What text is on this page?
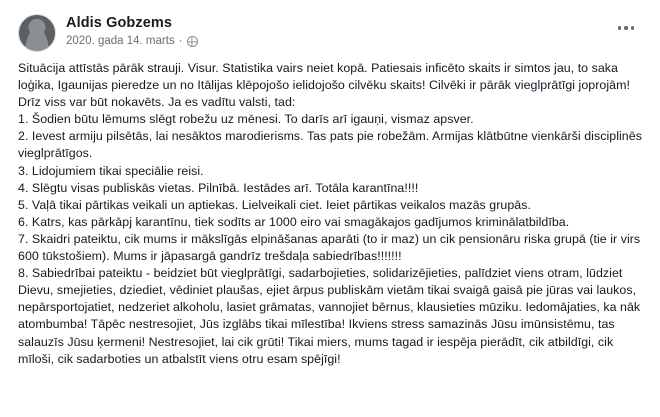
Aldis Gobzems
2020. gada 14. marts ·

Situācija attīstās pārāk strauji. Visur. Statistika vairs neiet kopā. Patiesais inficēto skaits ir simtos jau, to saka loģika, Igaunijas pieredze un no Itālijas klēpojošo ielidojošo cilvēku skaits! Cilvēki ir pārāk vieglprātīgi joprojām! Drīz viss var būt nokavēts. Ja es vadītu valsti, tad:

1. Šodien būtu lēmums slēgt robežu uz mēnesi. To darīs arī igauņi, vismaz apsver.

2. Ievest armiju pilsētās, lai nesāktos marodierisms. Tas pats pie robežām. Armijas klātbūtne vienkārši disciplinēs vieglprātīgos.

3. Lidojumiem tikai speciālie reisi.

4. Slēgtu visas publiskās vietas. Pilnībā. Iestādes arī. Totāla karantīna!!!!

5. Vaļā tikai pārtikas veikali un aptiekas. Lielveikali ciet. Ieiet pārtikas veikalos mazās grupās.

6. Katrs, kas pārkāpj karantīnu, tiek sodīts ar 1000 eiro vai smagākajos gadījumos kriminālatbildība.

7. Skaidri pateiktu, cik mums ir mākslīgās elpināšanas aparāti (to ir maz) un cik pensionāru riska grupā (tie ir virs 600 tūkstošiem). Mums ir jāpasargā gandrīz trešdaļa sabiedrības!!!!!!!

8. Sabiedrībai pateiktu - beidziet būt vieglprātīgi, sadarbojieties, solidarizējieties, palīdziet viens otram, lūdziet Dievu, smejieties, dziediet, vēdiniet plaušas, ejiet ārpus publiskām vietām tikai svaigā gaisā pie jūras vai laukos, nepārsportojatiet, nedzeriet alkoholu, lasiet grāmatas, vannojiet bērnus, klausieties mūziku. Iedomājaties, ka nāk atombumba! Tāpēc nestresojiet, Jūs izglābs tikai mīlestība! Ikviens stress samazinās Jūsu imūnsistēmu, tas salauzīs Jūsu ķermeni! Nestresojiet, lai cik grūti! Tikai miers, mums tagad ir iespēja pierādīt, cik atbildīgi, cik mīloši, cik sadarboties un atbalstīt viens otru esam spējīgi!
